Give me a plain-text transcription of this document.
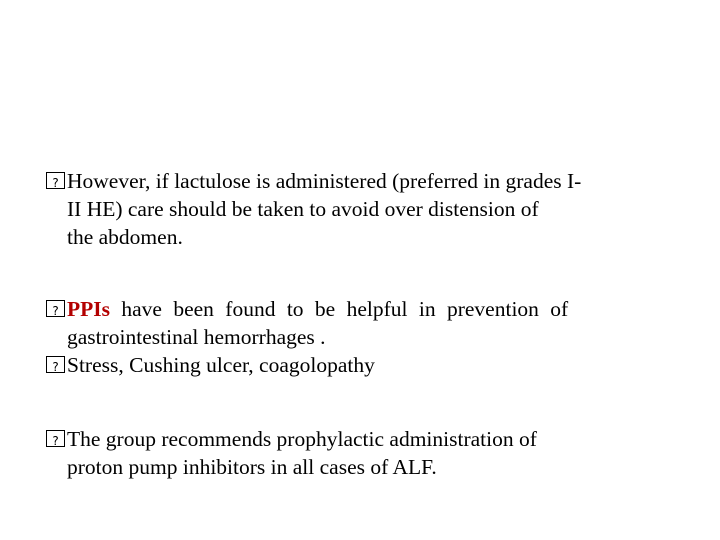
?However, if lactulose is administered (preferred in grades I-
II HE) care should be taken to avoid over distension of
the abdomen.
?PPIs have been found to be helpful in prevention of
gastrointestinal hemorrhages .
?Stress, Cushing ulcer, coagolopathy
?The group recommends prophylactic administration of
proton pump inhibitors in all cases of ALF.
